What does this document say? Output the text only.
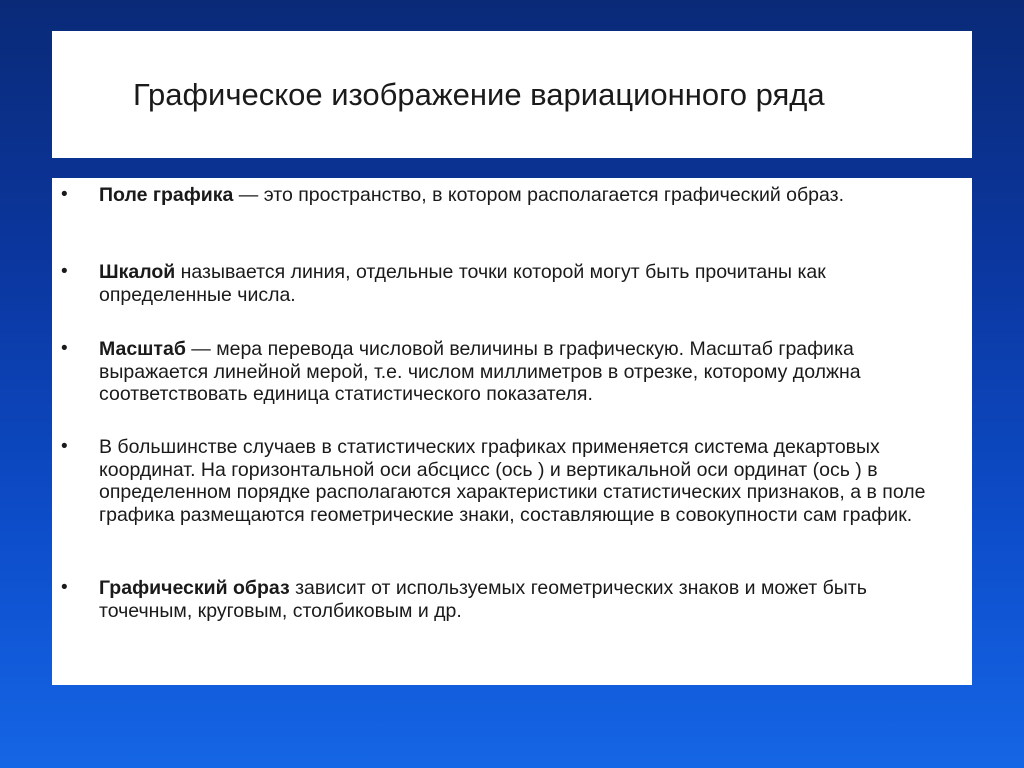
Графическое изображение вариационного ряда
• Поле графика — это пространство, в котором располагается графический образ.
• Шкалой называется линия, отдельные точки которой могут быть прочитаны как определенные числа.
• Масштаб — мера перевода числовой величины в графическую. Масштаб графика выражается линейной мерой, т.е. числом миллиметров в отрезке, которому должна соответствовать единица статистического показателя.
• В большинстве случаев в статистических графиках применяется система декартовых координат. На горизонтальной оси абсцисс (ось ) и вертикальной оси ординат (ось ) в определенном порядке располагаются характеристики статистических признаков, а в поле графика размещаются геометрические знаки, составляющие в совокупности сам график.
• Графический образ зависит от используемых геометрических знаков и может быть точечным, круговым, столбиковым и др.
